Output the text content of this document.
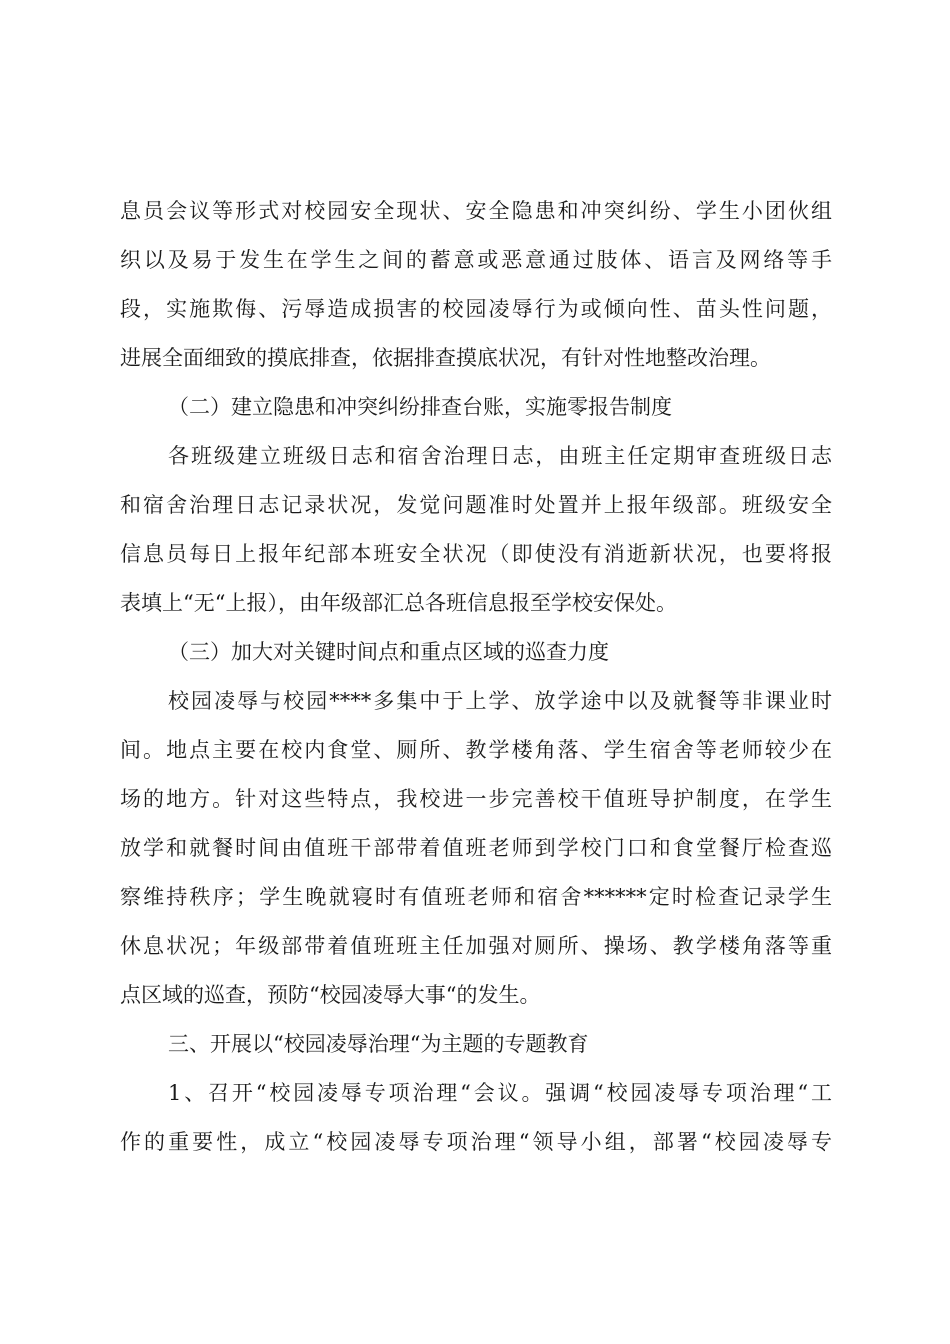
息员会议等形式对校园安全现状、安全隐患和冲突纠纷、学生小团伙组
织以及易于发生在学生之间的蓄意或恶意通过肢体、语言及网络等手
段，实施欺侮、污辱造成损害的校园凌辱行为或倾向性、苗头性问题，
进展全面细致的摸底排查，依据排查摸底状况，有针对性地整改治理。
（二）建立隐患和冲突纠纷排查台账，实施零报告制度
各班级建立班级日志和宿舍治理日志，由班主任定期审查班级日志
和宿舍治理日志记录状况，发觉问题准时处置并上报年级部。班级安全
信息员每日上报年纪部本班安全状况（即使没有消逝新状况，也要将报
表填上“无“上报），由年级部汇总各班信息报至学校安保处。
（三）加大对关键时间点和重点区域的巡查力度
校园凌辱与校园****多集中于上学、放学途中以及就餐等非课业时
间。地点主要在校内食堂、厕所、教学楼角落、学生宿舍等老师较少在
场的地方。针对这些特点，我校进一步完善校干值班导护制度，在学生
放学和就餐时间由值班干部带着值班老师到学校门口和食堂餐厅检查巡
察维持秩序；学生晚就寝时有值班老师和宿舍******定时检查记录学生
休息状况；年级部带着值班班主任加强对厕所、操场、教学楼角落等重
点区域的巡查，预防“校园凌辱大事“的发生。
三、开展以“校园凌辱治理“为主题的专题教育
1、召开“校园凌辱专项治理“会议。强调“校园凌辱专项治理“工
作的重要性，成立“校园凌辱专项治理“领导小组，部署“校园凌辱专
